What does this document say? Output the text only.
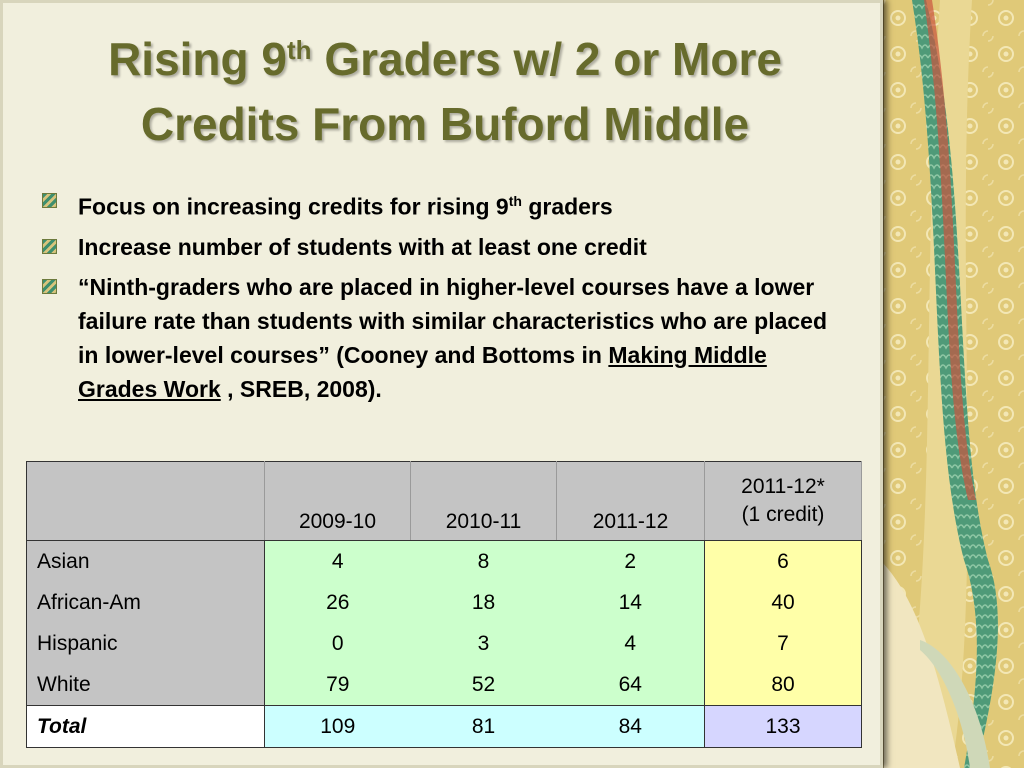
Rising 9th Graders w/ 2 or More
Credits From Buford Middle
Focus on increasing credits for rising 9th graders
Increase number of students with at least one credit
“Ninth-graders who are placed in higher-level courses have a lower failure rate than students with similar characteristics who are placed in lower-level courses” (Cooney and Bottoms in Making Middle Grades Work , SREB, 2008).
	2009-10	2010-11	2011-12	2011-12*
(1 credit)
Asian	4	8	2	6
African-Am	26	18	14	40
Hispanic	0	3	4	7
White	79	52	64	80
Total	109	81	84	133
